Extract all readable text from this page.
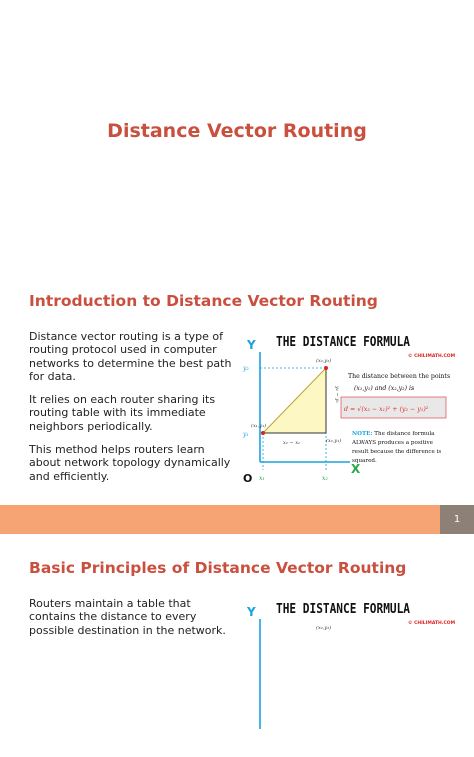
Distance Vector Routing
Introduction to Distance Vector Routing

Distance vector routing is a type of routing protocol used in computer networks to determine the best path for data.

It relies on each router sharing its routing table with its immediate neighbors periodically.

This method helps routers learn about network topology dynamically and efficiently.

THE DISTANCE FORMULA
© CHILIMATH.COM
Y
X
O
y₂
y₁
x₁	x₂
(x₁,y₁)
(x₂,y₂)
(x₂,y₁)
x₂ − x₁
y₂ − y₁
The distance between the points
(x₁,y₁) and (x₂,y₂) is
d = √(x₂ − x₁)² + (y₂ − y₁)²
NOTE: The distance formula
ALWAYS produces a positive
result because the difference is
squared.
1
Basic Principles of Distance Vector Routing

Routers maintain a table that contains the distance to every possible destination in the network.

THE DISTANCE FORMULA
© CHILIMATH.COM
Y
(x₂,y₂)
